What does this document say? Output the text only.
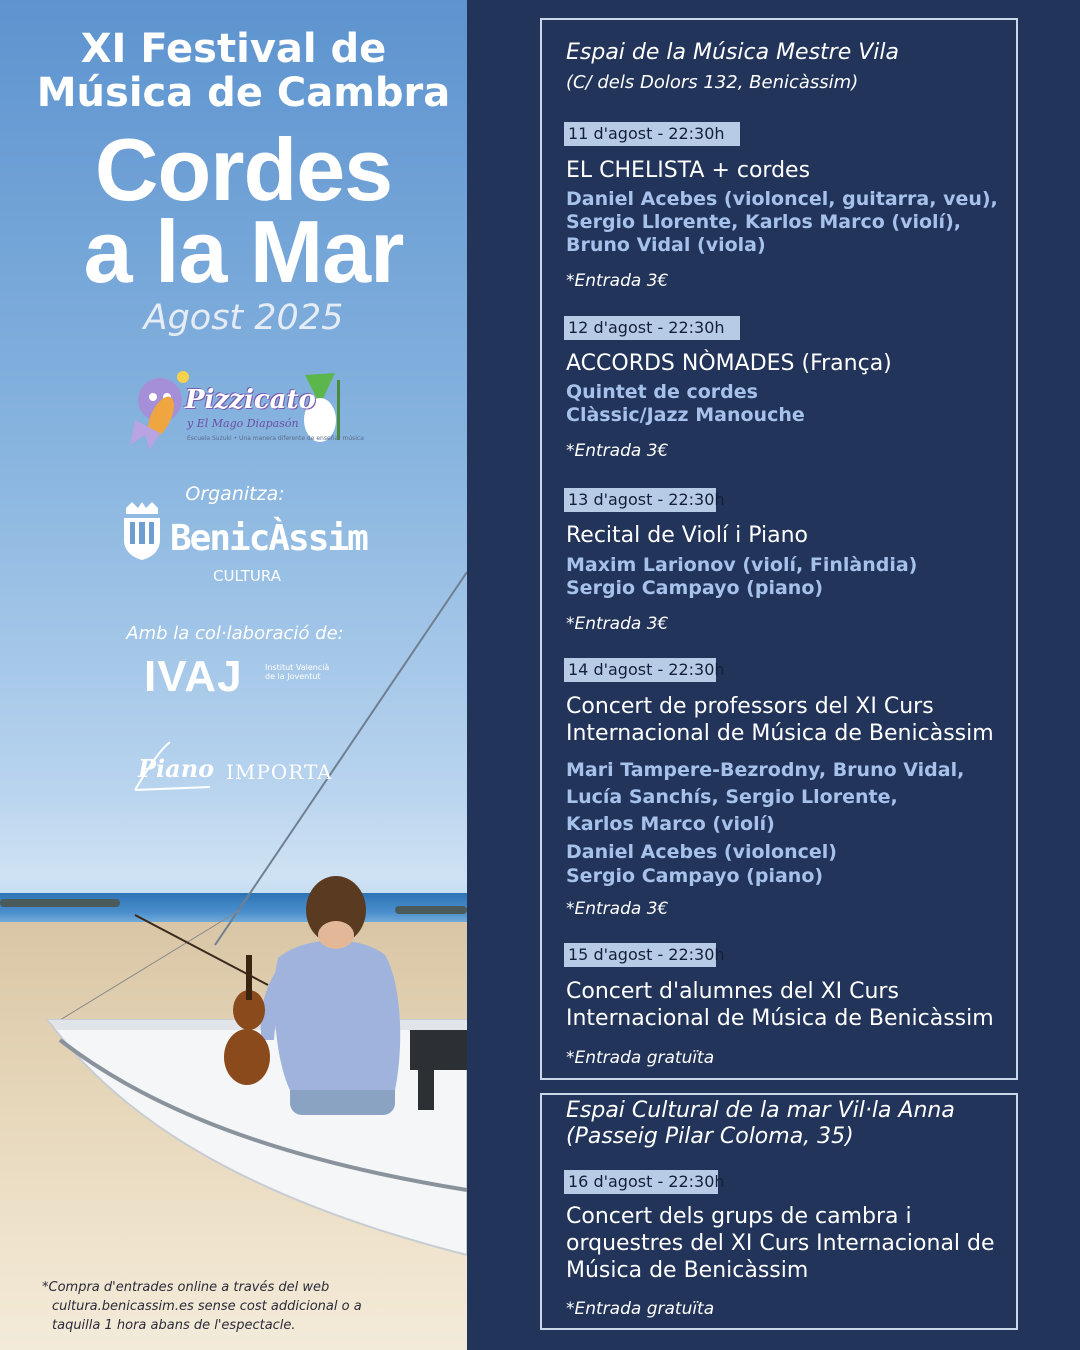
XI Festival de
Música de Cambra
Cordes
a la Mar
Agost 2025
Pizzicato
y El Mago Diapasón
Escuela Suzuki • Una manera diferente de enseñar música
Organitza:
BenicÀssim
CULTURA
Amb la col·laboració de:
IVAJ	Institut Valencià
de la Joventut
Piano IMPORTA
*Compra d'entrades online a través del web
cultura.benicassim.es sense cost addicional o a
taquilla 1 hora abans de l'espectacle.
Espai de la Música Mestre Vila
(C/ dels Dolors 132, Benicàssim)
11 d'agost - 22:30h
EL CHELISTA + cordes
Daniel Acebes (violoncel, guitarra, veu),
Sergio Llorente, Karlos Marco (violí),
Bruno Vidal (viola)
*Entrada 3€
12 d'agost - 22:30h
ACCORDS NÒMADES (França)
Quintet de cordes
Clàssic/Jazz Manouche
*Entrada 3€
13 d'agost - 22:30h
Recital de Violí i Piano
Maxim Larionov (violí, Finlàndia)
Sergio Campayo (piano)
*Entrada 3€
14 d'agost - 22:30h
Concert de professors del XI Curs
Internacional de Música de Benicàssim
Mari Tampere-Bezrodny, Bruno Vidal,
Lucía Sanchís, Sergio Llorente,
Karlos Marco (violí)
Daniel Acebes (violoncel)
Sergio Campayo (piano)
*Entrada 3€
15 d'agost - 22:30h
Concert d'alumnes del XI Curs
Internacional de Música de Benicàssim
*Entrada gratuïta
Espai Cultural de la mar Vil·la Anna
(Passeig Pilar Coloma, 35)
16 d'agost - 22:30h
Concert dels grups de cambra i
orquestres del XI Curs Internacional de
Música de Benicàssim
*Entrada gratuïta
